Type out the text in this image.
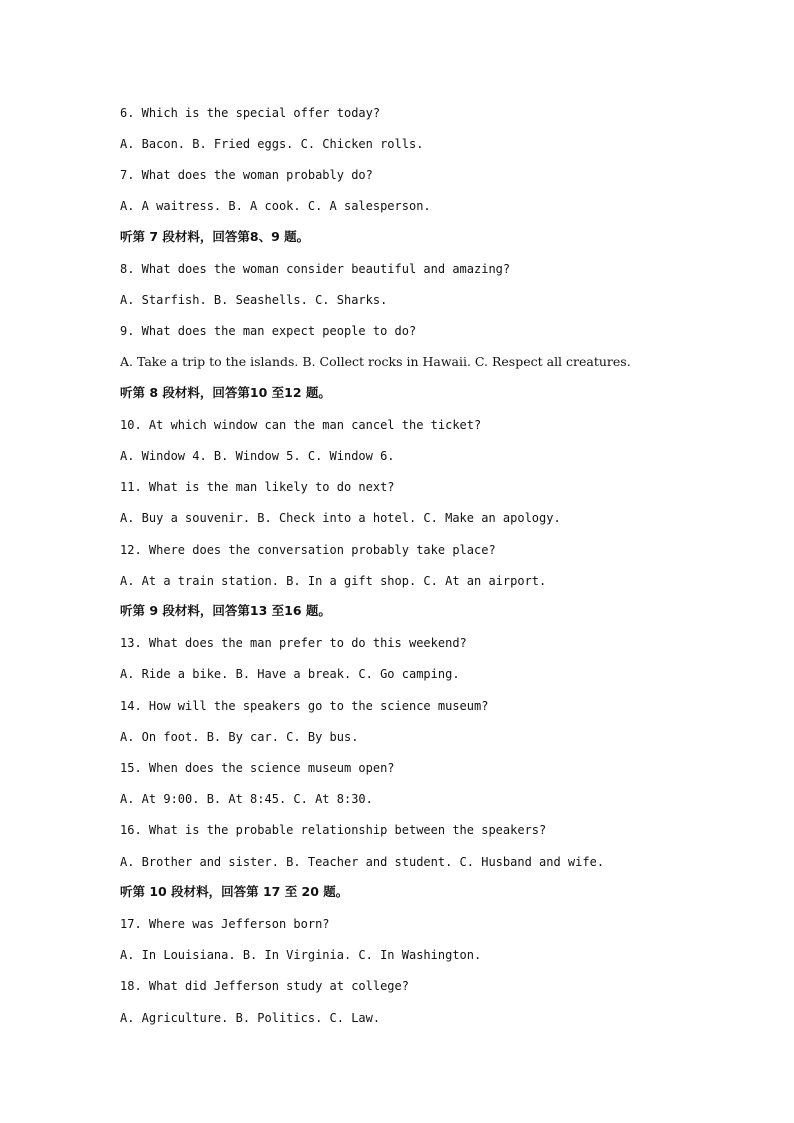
6. Which is the special offer today?
A. Bacon. B. Fried eggs. C. Chicken rolls.
7. What does the woman probably do?
A. A waitress. B. A cook. C. A salesperson.
听第 7 段材料，回答第8、9 题。
8. What does the woman consider beautiful and amazing?
A. Starfish. B. Seashells. C. Sharks.
9. What does the man expect people to do?
A. Take a trip to the islands. B. Collect rocks in Hawaii. C. Respect all creatures.
听第 8 段材料，回答第10 至12 题。
10. At which window can the man cancel the ticket?
A. Window 4. B. Window 5. C. Window 6.
11. What is the man likely to do next?
A. Buy a souvenir. B. Check into a hotel. C. Make an apology.
12. Where does the conversation probably take place?
A. At a train station. B. In a gift shop. C. At an airport.
听第 9 段材料，回答第13 至16 题。
13. What does the man prefer to do this weekend?
A. Ride a bike. B. Have a break. C. Go camping.
14. How will the speakers go to the science museum?
A. On foot. B. By car. C. By bus.
15. When does the science museum open?
A. At 9:00. B. At 8:45. C. At 8:30.
16. What is the probable relationship between the speakers?
A. Brother and sister. B. Teacher and student. C. Husband and wife.
听第 10 段材料，回答第 17 至 20 题。
17. Where was Jefferson born?
A. In Louisiana. B. In Virginia. C. In Washington.
18. What did Jefferson study at college?
A. Agriculture. B. Politics. C. Law.
